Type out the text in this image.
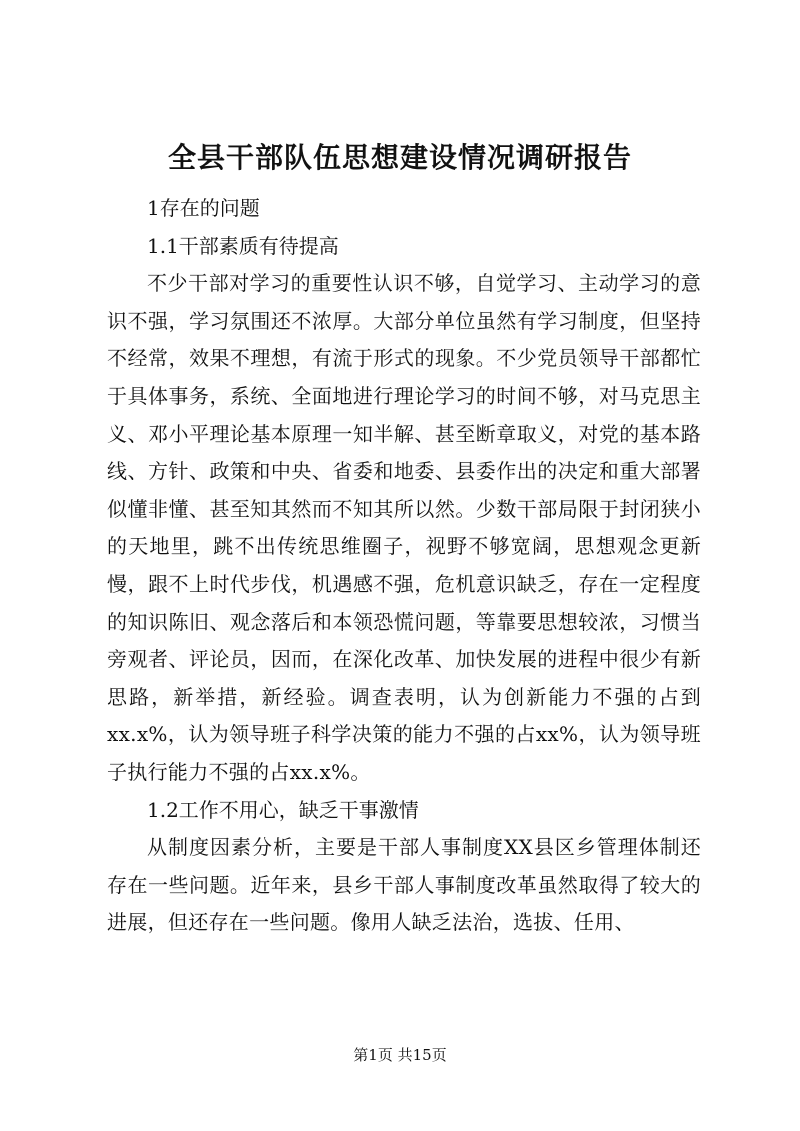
全县干部队伍思想建设情况调研报告

1存在的问题

1.1干部素质有待提高

不少干部对学习的重要性认识不够，自觉学习、主动学习的意识不强，学习氛围还不浓厚。大部分单位虽然有学习制度，但坚持不经常，效果不理想，有流于形式的现象。不少党员领导干部都忙于具体事务，系统、全面地进行理论学习的时间不够，对马克思主义、邓小平理论基本原理一知半解、甚至断章取义，对党的基本路线、方针、政策和中央、省委和地委、县委作出的决定和重大部署似懂非懂、甚至知其然而不知其所以然。少数干部局限于封闭狭小的天地里，跳不出传统思维圈子，视野不够宽阔，思想观念更新慢，跟不上时代步伐，机遇感不强，危机意识缺乏，存在一定程度的知识陈旧、观念落后和本领恐慌问题，等靠要思想较浓，习惯当旁观者、评论员，因而，在深化改革、加快发展的进程中很少有新思路，新举措，新经验。调查表明，认为创新能力不强的占到xx.x%，认为领导班子科学决策的能力不强的占xx%，认为领导班子执行能力不强的占xx.x%。

1.2工作不用心，缺乏干事激情

从制度因素分析，主要是干部人事制度XX县区乡管理体制还存在一些问题。近年来，县乡干部人事制度改革虽然取得了较大的进展，但还存在一些问题。像用人缺乏法治，选拔、任用、

第1页 共15页
